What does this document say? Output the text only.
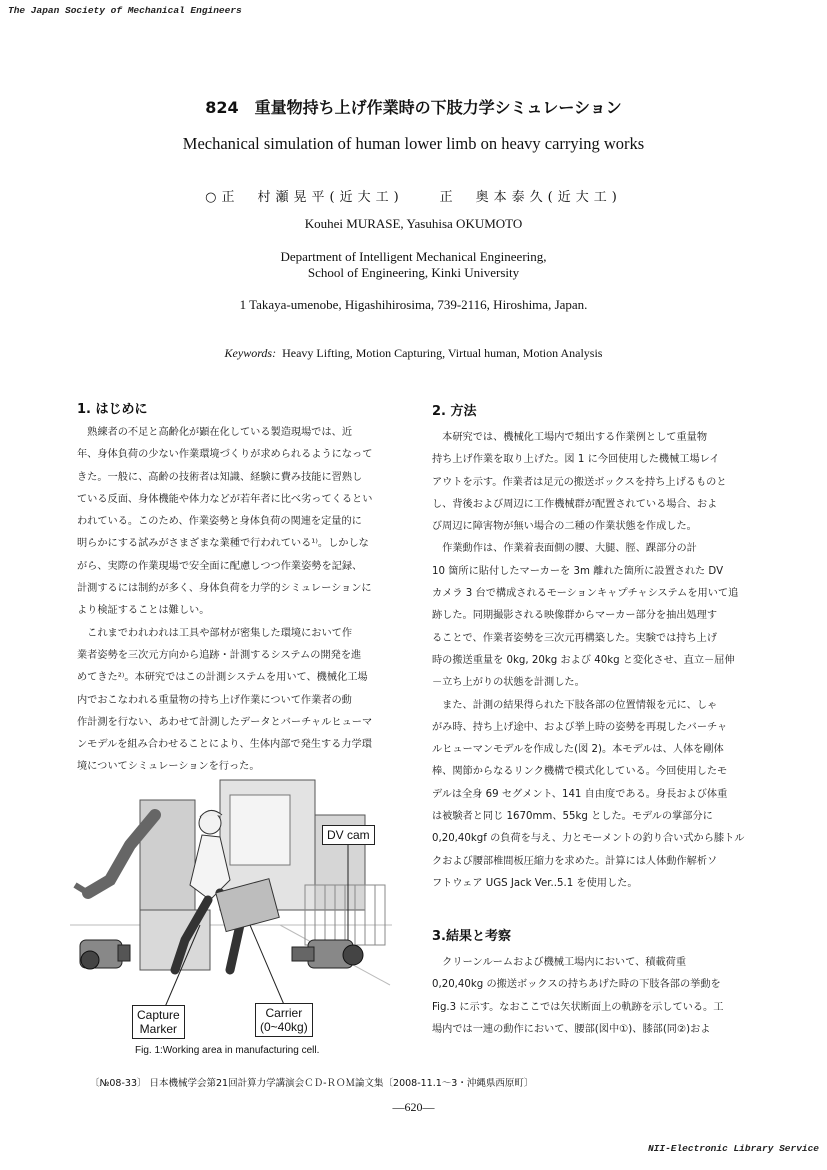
The Japan Society of Mechanical Engineers
824　重量物持ち上げ作業時の下肢力学シミュレーション
Mechanical simulation of human lower limb on heavy carrying works
○正　村瀬晃平(近大工)　　正　奥本泰久(近大工)
Kouhei MURASE, Yasuhisa OKUMOTO
Department of Intelligent Mechanical Engineering,
School of Engineering, Kinki University
1 Takaya-umenobe, Higashihirosima, 739-2116, Hiroshima, Japan.
Keywords: Heavy Lifting, Motion Capturing, Virtual human, Motion Analysis
1. はじめに

　熟練者の不足と高齢化が顕在化している製造現場では、近

年、身体負荷の少ない作業環境づくりが求められるようになって

きた。一般に、高齢の技術者は知識、経験に費み技能に習熟し

ている反面、身体機能や体力などが若年者に比べ劣ってくるとい

われている。このため、作業姿勢と身体負荷の関連を定量的に

明らかにする試みがさまざまな業種で行われている¹⁾。しかしな

がら、実際の作業現場で安全面に配慮しつつ作業姿勢を記録、

計測するには制約が多く、身体負荷を力学的シミュレーションに

より検証することは難しい。

　これまでわれわれは工具や部材が密集した環境において作

業者姿勢を三次元方向から追跡・計測するシステムの開発を進

めてきた²⁾。本研究ではこの計測システムを用いて、機械化工場

内でおこなわれる重量物の持ち上げ作業について作業者の動

作計測を行ない、あわせて計測したデータとバーチャルヒューマ

ンモデルを組み合わせることにより、生体内部で発生する力学環

境についてシミュレーションを行った。

DV cam
Capture
Marker
Carrier
(0~40kg)
Fig. 1:Working area in manufacturing cell.
2. 方法

　本研究では、機械化工場内で頻出する作業例として重量物

持ち上げ作業を取り上げた。図 1 に今回使用した機械工場レイ

アウトを示す。作業者は足元の搬送ボックスを持ち上げるものと

し、背後および周辺に工作機械群が配置されている場合、およ

び周辺に障害物が無い場合の二種の作業状態を作成した。

　作業動作は、作業着表面側の腰、大腿、脛、踝部分の計

10 箇所に貼付したマーカーを 3m 離れた箇所に設置された DV

カメラ 3 台で構成されるモーションキャプチャシステムを用いて追

跡した。同期撮影される映像群からマーカー部分を抽出処理す

ることで、作業者姿勢を三次元再構築した。実験では持ち上げ

時の搬送重量を 0kg, 20kg および 40kg と変化させ、直立－屈伸

－立ち上がりの状態を計測した。

　また、計測の結果得られた下肢各部の位置情報を元に、しゃ

がみ時、持ち上げ途中、および挙上時の姿勢を再現したバーチャ

ルヒューマンモデルを作成した(図 2)。本モデルは、人体を剛体

棒、関節からなるリンク機構で模式化している。今回使用したモ

デルは全身 69 セグメント、141 自由度である。身長および体重

は被験者と同じ 1670mm、55kg とした。モデルの掌部分に

0,20,40kgf の負荷を与え、力とモーメントの釣り合い式から膝トル

クおよび腰部椎間板圧縮力を求めた。計算には人体動作解析ソ

フトウェア UGS Jack Ver..5.1 を使用した。

3.結果と考察

　クリーンルームおよび機械工場内において、積載荷重

0,20,40kg の搬送ボックスの持ちあげた時の下肢各部の挙動を

Fig.3 に示す。なおここでは矢状断面上の軌跡を示している。工

場内では一連の動作において、腰部(図中①)、膝部(同②)およ

〔№08-33〕 日本機械学会第21回計算力学講演会ＣＤ-ＲＯＭ論文集〔2008-11.1～3・沖縄県西原町〕
―620―
NII-Electronic Library Service
